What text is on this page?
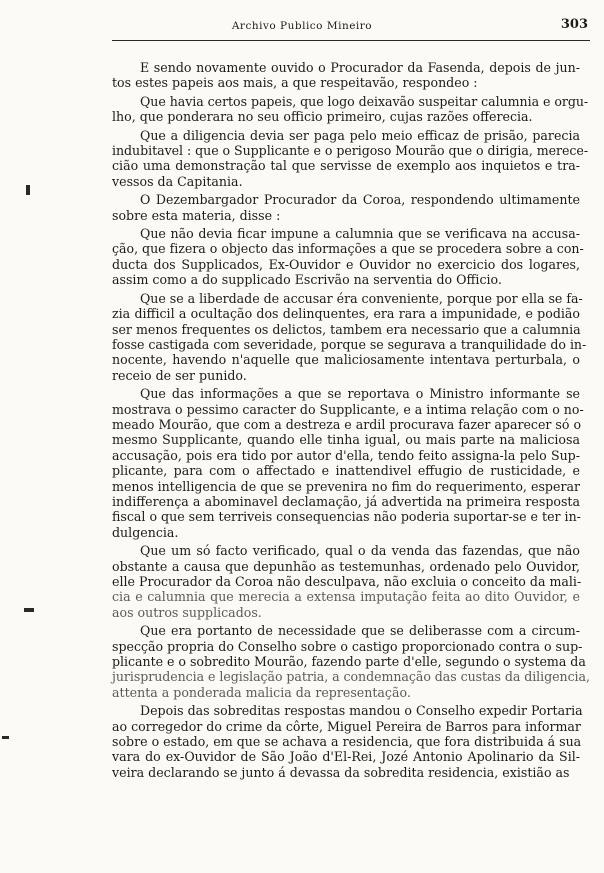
Archivo Publico Mineiro	303
E sendo novamente ouvido o Procurador da Fasenda, depois de jun-
tos estes papeis aos mais, a que respeitavão, respondeo :
Que havia certos papeis, que logo deixavão suspeitar calumnia e orgu-
lho, que ponderara no seu officio primeiro, cujas razões offerecia.
Que a diligencia devia ser paga pelo meio efficaz de prisão, parecia
indubitavel : que o Supplicante e o perigoso Mourão que o dirigia, merece-
cião uma demonstração tal que servisse de exemplo aos inquietos e tra-
vessos da Capitania.
O Dezembargador Procurador da Coroa, respondendo ultimamente
sobre esta materia, disse :
Que não devia ficar impune a calumnia que se verificava na accusa-
ção, que fizera o objecto das informações a que se procedera sobre a con-
ducta dos Supplicados, Ex-Ouvidor e Ouvidor no exercicio dos logares,
assim como a do supplicado Escrivão na serventia do Officio.
Que se a liberdade de accusar éra conveniente, porque por ella se fa-
zia difficil a ocultação dos delinquentes, era rara a impunidade, e podião
ser menos frequentes os delictos, tambem era necessario que a calumnia
fosse castigada com severidade, porque se segurava a tranquilidade do in-
nocente, havendo n'aquelle que maliciosamente intentava perturbala, o
receio de ser punido.
Que das informações a que se reportava o Ministro informante se
mostrava o pessimo caracter do Supplicante, e a intima relação com o no-
meado Mourão, que com a destreza e ardil procurava fazer aparecer só o
mesmo Supplicante, quando elle tinha igual, ou mais parte na maliciosa
accusação, pois era tido por autor d'ella, tendo feito assigna-la pelo Sup-
plicante, para com o affectado e inattendivel effugio de rusticidade, e
menos intelligencia de que se prevenira no fim do requerimento, esperar
indifferença a abominavel declamação, já advertida na primeira resposta
fiscal o que sem terriveis consequencias não poderia suportar-se e ter in-
dulgencia.
Que um só facto verificado, qual o da venda das fazendas, que não
obstante a causa que depunhão as testemunhas, ordenado pelo Ouvidor,
elle Procurador da Coroa não desculpava, não excluia o conceito da mali-
cia e calumnia que merecia a extensa imputação feita ao dito Ouvidor, e
aos outros supplicados.
Que era portanto de necessidade que se deliberasse com a circum-
specção propria do Conselho sobre o castigo proporcionado contra o sup-
plicante e o sobredito Mourão, fazendo parte d'elle, segundo o systema da
jurisprudencia e legislação patria, a condemnação das custas da diligencia,
attenta a ponderada malicia da representação.
Depois das sobreditas respostas mandou o Conselho expedir Portaria
ao corregedor do crime da côrte, Miguel Pereira de Barros para informar
sobre o estado, em que se achava a residencia, que fora distribuida á sua
vara do ex-Ouvidor de São João d'El-Rei, Jozé Antonio Apolinario da Sil-
veira declarando se junto á devassa da sobredita residencia, existião as
